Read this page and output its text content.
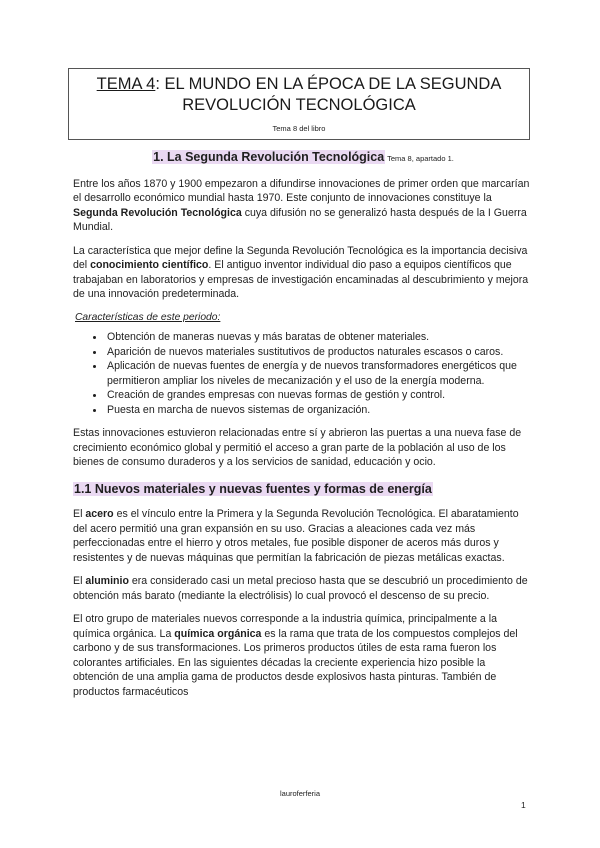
TEMA 4: EL MUNDO EN LA ÉPOCA DE LA SEGUNDA REVOLUCIÓN TECNOLÓGICA
Tema 8 del libro
1. La Segunda Revolución Tecnológica Tema 8, apartado 1.

Entre los años 1870 y 1900 empezaron a difundirse innovaciones de primer orden que marcarían el desarrollo económico mundial hasta 1970. Este conjunto de innovaciones constituye la Segunda Revolución Tecnológica cuya difusión no se generalizó hasta después de la I Guerra Mundial.

La característica que mejor define la Segunda Revolución Tecnológica es la importancia decisiva del conocimiento científico. El antiguo inventor individual dio paso a equipos científicos que trabajaban en laboratorios y empresas de investigación encaminadas al descubrimiento y mejora de una innovación predeterminada.

Características de este periodo:
• Obtención de maneras nuevas y más baratas de obtener materiales.
• Aparición de nuevos materiales sustitutivos de productos naturales escasos o caros.
• Aplicación de nuevas fuentes de energía y de nuevos transformadores energéticos que permitieron ampliar los niveles de mecanización y el uso de la energía moderna.
• Creación de grandes empresas con nuevas formas de gestión y control.
• Puesta en marcha de nuevos sistemas de organización.

Estas innovaciones estuvieron relacionadas entre sí y abrieron las puertas a una nueva fase de crecimiento económico global y permitió el acceso a gran parte de la población al uso de los bienes de consumo duraderos y a los servicios de sanidad, educación y ocio.

1.1 Nuevos materiales y nuevas fuentes y formas de energía

El acero es el vínculo entre la Primera y la Segunda Revolución Tecnológica. El abaratamiento del acero permitió una gran expansión en su uso. Gracias a aleaciones cada vez más perfeccionadas entre el hierro y otros metales, fue posible disponer de aceros más duros y resistentes y de nuevas máquinas que permitían la fabricación de piezas metálicas exactas.

El aluminio era considerado casi un metal precioso hasta que se descubrió un procedimiento de obtención más barato (mediante la electrólisis) lo cual provocó el descenso de su precio.

El otro grupo de materiales nuevos corresponde a la industria química, principalmente a la química orgánica. La química orgánica es la rama que trata de los compuestos complejos del carbono y de sus transformaciones. Los primeros productos útiles de esta rama fueron los colorantes artificiales. En las siguientes décadas la creciente experiencia hizo posible la obtención de una amplia gama de productos desde explosivos hasta pinturas. También de productos farmacéuticos

lauroferferia
1
